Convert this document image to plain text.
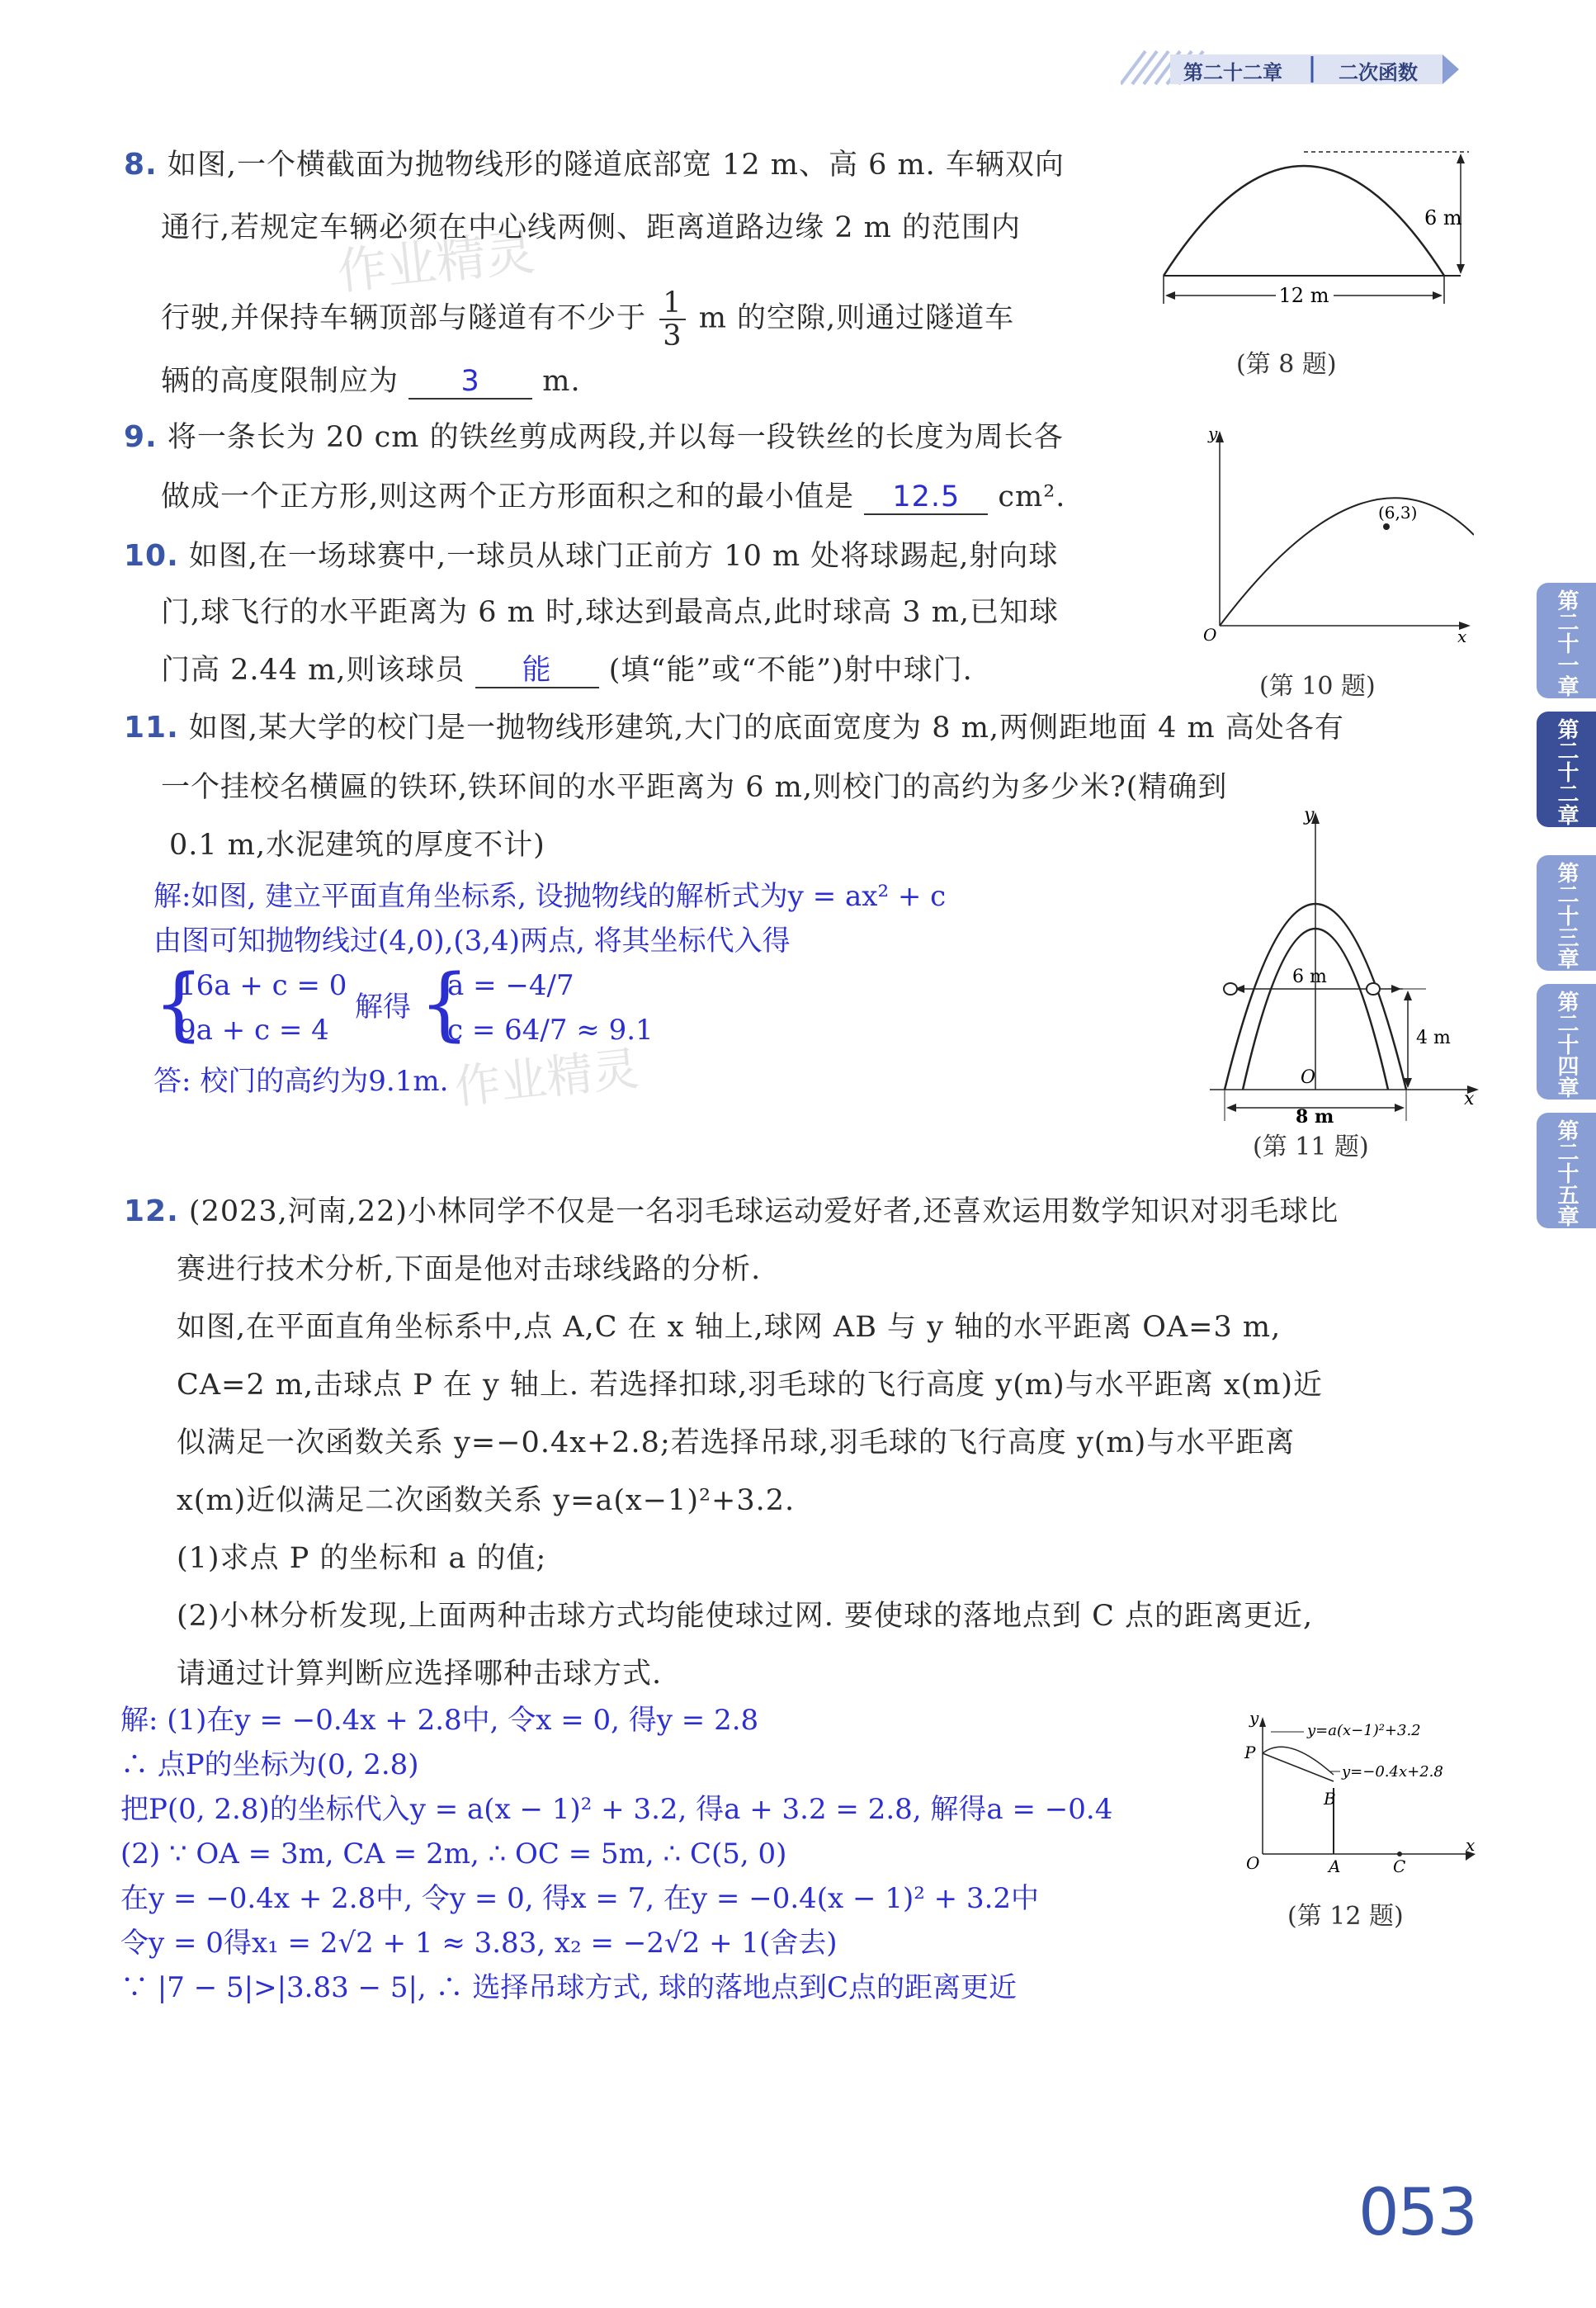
第二十二章	二次函数
第二十一章
第二十二章
第二十三章
第二十四章
第二十五章
作业精灵
作业精灵
8. 如图,一个横截面为抛物线形的隧道底部宽 12 m、高 6 m. 车辆双向
通行,若规定车辆必须在中心线两侧、距离道路边缘 2 m 的范围内
行驶,并保持车辆顶部与隧道有不少于 $\frac{1}{3}$ m 的空隙,则通过隧道车
辆的高度限制应为 3 m.
12 m
6 m
(第 8 题)
9. 将一条长为 20 cm 的铁丝剪成两段,并以每一段铁丝的长度为周长各
做成一个正方形,则这两个正方形面积之和的最小值是 12.5 cm².
10. 如图,在一场球赛中,一球员从球门正前方 10 m 处将球踢起,射向球
门,球飞行的水平距离为 6 m 时,球达到最高点,此时球高 3 m,已知球
门高 2.44 m,则该球员 能 (填“能”或“不能”)射中球门.
y
x
O
(6,3)
(第 10 题)
11. 如图,某大学的校门是一抛物线形建筑,大门的底面宽度为 8 m,两侧距地面 4 m 高处各有
一个挂校名横匾的铁环,铁环间的水平距离为 6 m,则校门的高约为多少米?(精确到
0.1 m,水泥建筑的厚度不计)
解:如图, 建立平面直角坐标系, 设抛物线的解析式为y = ax² + c
由图可知抛物线过(4,0),(3,4)两点, 将其坐标代入得
{
16a + c = 0
9a + c = 4
解得 {
a = −4/7
c = 64/7 ≈ 9.1
答: 校门的高约为9.1m.
y
x
O
6 m
4 m
8 m
(第 11 题)
12. (2023,河南,22)小林同学不仅是一名羽毛球运动爱好者,还喜欢运用数学知识对羽毛球比
赛进行技术分析,下面是他对击球线路的分析.
如图,在平面直角坐标系中,点 A,C 在 x 轴上,球网 AB 与 y 轴的水平距离 OA=3 m,
CA=2 m,击球点 P 在 y 轴上. 若选择扣球,羽毛球的飞行高度 y(m)与水平距离 x(m)近
似满足一次函数关系 y=−0.4x+2.8;若选择吊球,羽毛球的飞行高度 y(m)与水平距离
x(m)近似满足二次函数关系 y=a(x−1)²+3.2.
(1)求点 P 的坐标和 a 的值;
(2)小林分析发现,上面两种击球方式均能使球过网. 要使球的落地点到 C 点的距离更近,
请通过计算判断应选择哪种击球方式.
解: (1)在y = −0.4x + 2.8中, 令x = 0, 得y = 2.8
∴ 点P的坐标为(0, 2.8)
把P(0, 2.8)的坐标代入y = a(x − 1)² + 3.2, 得a + 3.2 = 2.8, 解得a = −0.4
(2) ∵ OA = 3m, CA = 2m, ∴ OC = 5m, ∴ C(5, 0)
在y = −0.4x + 2.8中, 令y = 0, 得x = 7, 在y = −0.4(x − 1)² + 3.2中
令y = 0得x₁ = 2√2 + 1 ≈ 3.83, x₂ = −2√2 + 1(舍去)
∵ |7 − 5|>|3.83 − 5|, ∴ 选择吊球方式, 球的落地点到C点的距离更近
y
x
O
P
B
A	C
y=a(x−1)²+3.2
y=−0.4x+2.8
(第 12 题)
053
